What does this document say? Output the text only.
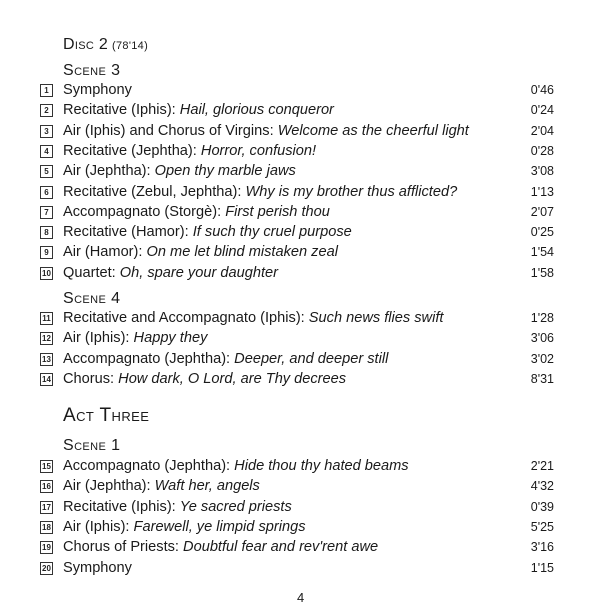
Disc 2 (78'14)
Scene 3
1 Symphony	0'46
2 Recitative (Iphis): Hail, glorious conqueror	0'24
3 Air (Iphis) and Chorus of Virgins: Welcome as the cheerful light	2'04
4 Recitative (Jephtha): Horror, confusion!	0'28
5 Air (Jephtha): Open thy marble jaws	3'08
6 Recitative (Zebul, Jephtha): Why is my brother thus afflicted?	1'13
7 Accompagnato (Storgè): First perish thou	2'07
8 Recitative (Hamor): If such thy cruel purpose	0'25
9 Air (Hamor): On me let blind mistaken zeal	1'54
10 Quartet: Oh, spare your daughter	1'58
Scene 4
11 Recitative and Accompagnato (Iphis): Such news flies swift	1'28
12 Air (Iphis): Happy they	3'06
13 Accompagnato (Jephtha): Deeper, and deeper still	3'02
14 Chorus: How dark, O Lord, are Thy decrees	8'31
Act Three
Scene 1
15 Accompagnato (Jephtha): Hide thou thy hated beams	2'21
16 Air (Jephtha): Waft her, angels	4'32
17 Recitative (Iphis): Ye sacred priests	0'39
18 Air (Iphis): Farewell, ye limpid springs	5'25
19 Chorus of Priests: Doubtful fear and rev'rent awe	3'16
20 Symphony	1'15
4
